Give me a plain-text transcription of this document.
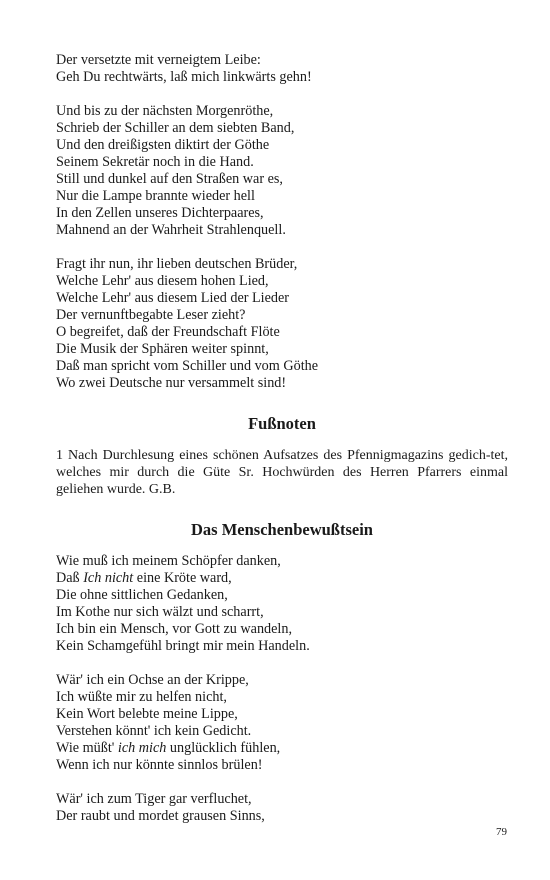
Der versetzte mit verneigtem Leibe:
Geh Du rechtwärts, laß mich linkwärts gehn!
Und bis zu der nächsten Morgenröthe,
Schrieb der Schiller an dem siebten Band,
Und den dreißigsten diktirt der Göthe
Seinem Sekretär noch in die Hand.
Still und dunkel auf den Straßen war es,
Nur die Lampe brannte wieder hell
In den Zellen unseres Dichterpaares,
Mahnend an der Wahrheit Strahlenquell.
Fragt ihr nun, ihr lieben deutschen Brüder,
Welche Lehr' aus diesem hohen Lied,
Welche Lehr' aus diesem Lied der Lieder
Der vernunftbegabte Leser zieht?
O begreifet, daß der Freundschaft Flöte
Die Musik der Sphären weiter spinnt,
Daß man spricht vom Schiller und vom Göthe
Wo zwei Deutsche nur versammelt sind!
Fußnoten

1 Nach Durchlesung eines schönen Aufsatzes des Pfennigmagazins gedich-tet, welches mir durch die Güte Sr. Hochwürden des Herren Pfarrers einmal geliehen wurde. G.B.

Das Menschenbewußtsein
Wie muß ich meinem Schöpfer danken,
Daß Ich nicht eine Kröte ward,
Die ohne sittlichen Gedanken,
Im Kothe nur sich wälzt und scharrt,
Ich bin ein Mensch, vor Gott zu wandeln,
Kein Schamgefühl bringt mir mein Handeln.
Wär' ich ein Ochse an der Krippe,
Ich wüßte mir zu helfen nicht,
Kein Wort belebte meine Lippe,
Verstehen könnt' ich kein Gedicht.
Wie müßt' ich mich unglücklich fühlen,
Wenn ich nur könnte sinnlos brülen!
Wär' ich zum Tiger gar verfluchet,
Der raubt und mordet grausen Sinns,
79
